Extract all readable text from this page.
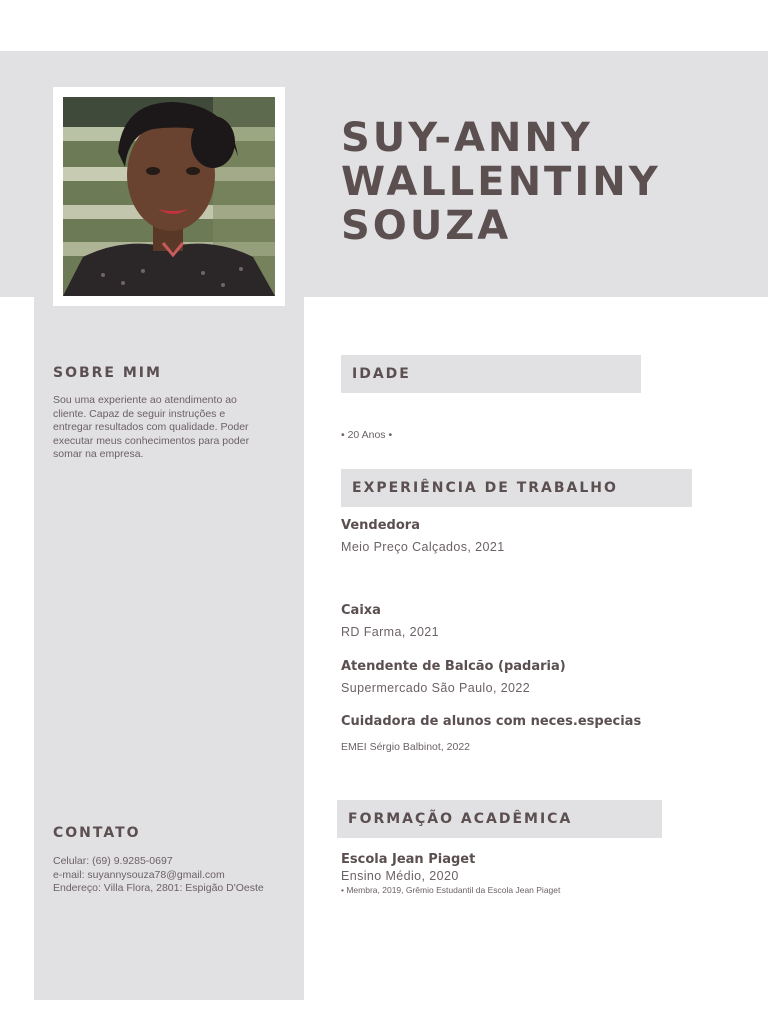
SUY-ANNY
WALLENTINY
SOUZA
SOBRE MIM

Sou uma experiente ao atendimento ao
cliente. Capaz de seguir instruções e
entregar resultados com qualidade. Poder
executar meus conhecimentos para poder
somar na empresa.

CONTATO

Celular: (69) 9.9285-0697
e-mail: suyannysouza78@gmail.com
Endereço: Villa Flora, 2801: Espigão D'Oeste

IDADE

• 20 Anos •

EXPERIÊNCIA DE TRABALHO

Vendedora

Meio Preço Calçados, 2021

Caixa

RD Farma, 2021

Atendente de Balcão (padaria)

Supermercado São Paulo, 2022

Cuidadora de alunos com neces.especias

EMEI Sérgio Balbinot, 2022

FORMAÇÃO ACADÊMICA

Escola Jean Piaget

Ensino Médio, 2020

• Membra, 2019, Grêmio Estudantil da Escola Jean Piaget
